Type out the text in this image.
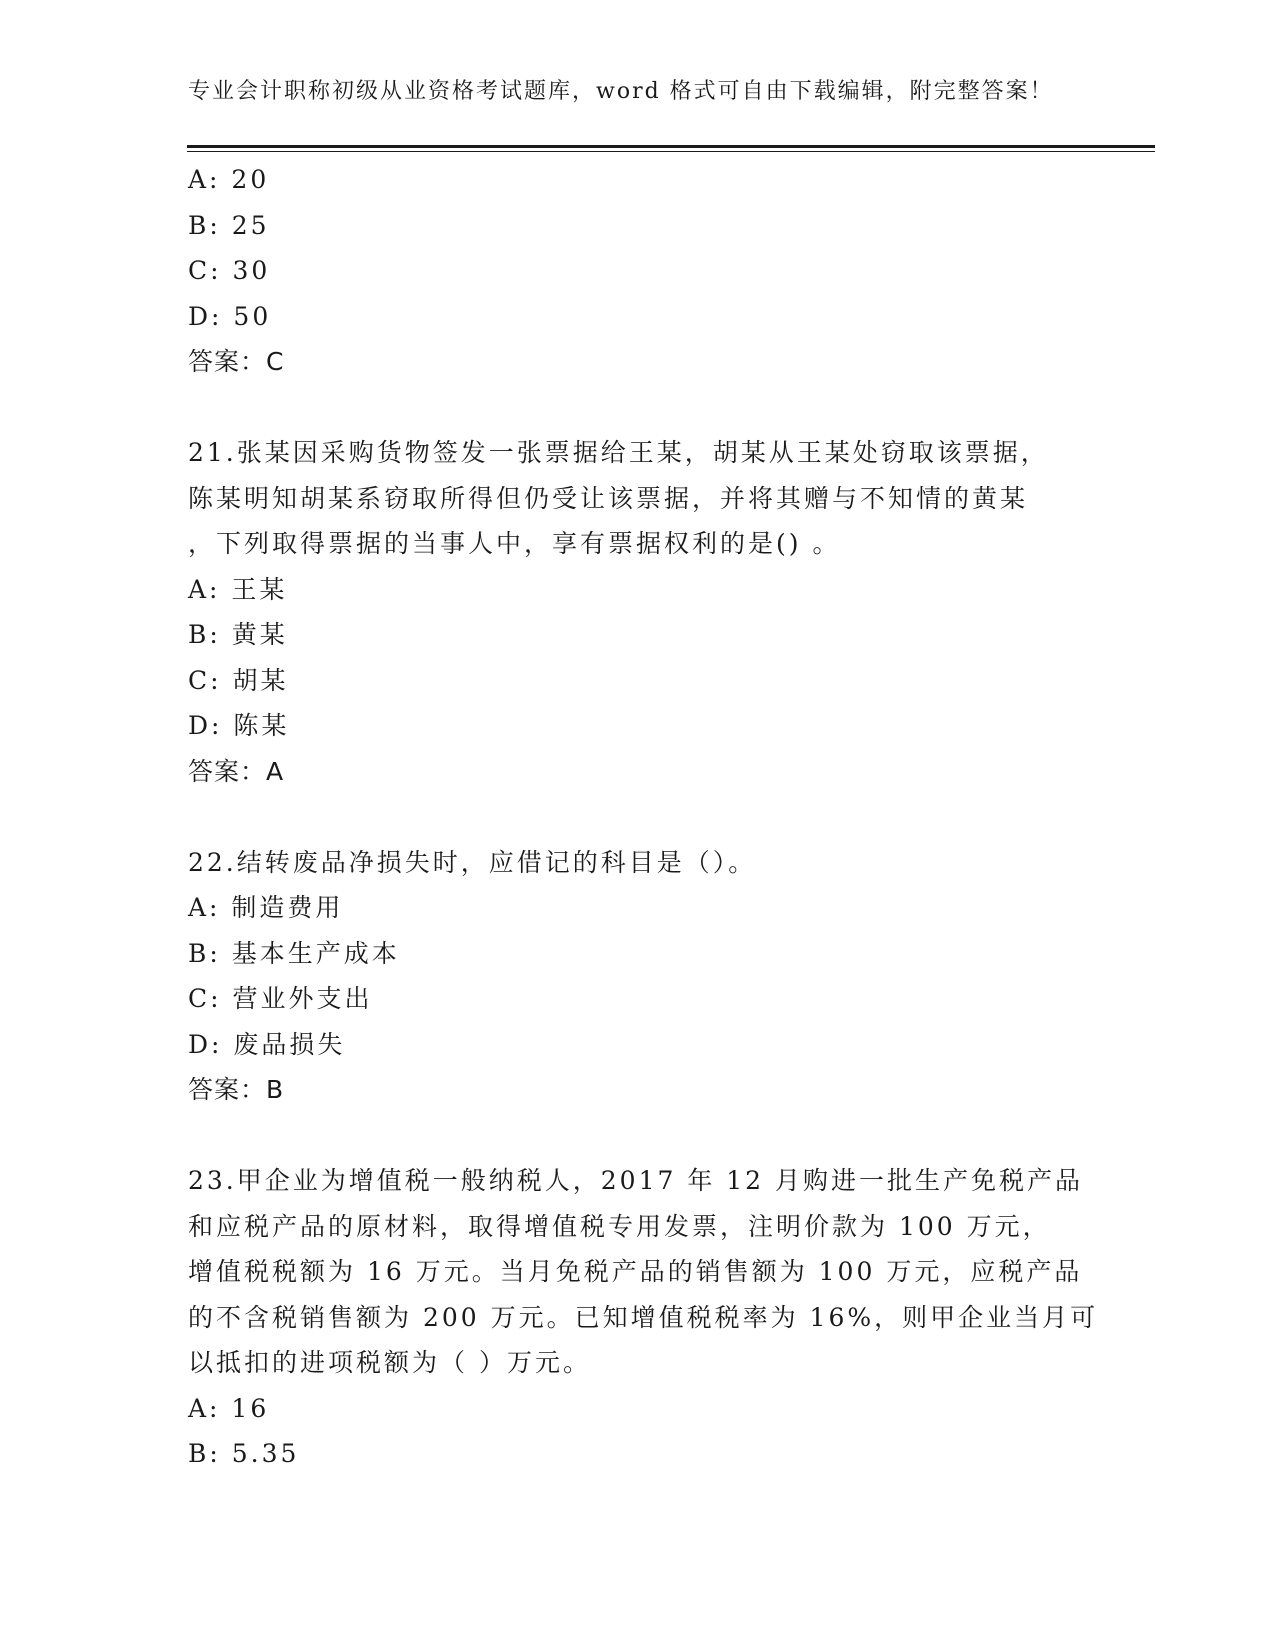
专业会计职称初级从业资格考试题库，word 格式可自由下载编辑，附完整答案！
A: 20
B: 25
C: 30
D: 50
答案：C
21.张某因采购货物签发一张票据给王某，胡某从王某处窃取该票据，
陈某明知胡某系窃取所得但仍受让该票据，并将其赠与不知情的黄某
，下列取得票据的当事人中，享有票据权利的是() 。
A: 王某
B: 黄某
C: 胡某
D: 陈某
答案：A
22.结转废品净损失时，应借记的科目是（）。
A: 制造费用
B: 基本生产成本
C: 营业外支出
D: 废品损失
答案：B
23.甲企业为增值税一般纳税人，2017 年 12 月购进一批生产免税产品
和应税产品的原材料，取得增值税专用发票，注明价款为 100 万元，
增值税税额为 16 万元。当月免税产品的销售额为 100 万元，应税产品
的不含税销售额为 200 万元。已知增值税税率为 16%，则甲企业当月可
以抵扣的进项税额为（ ）万元。
A: 16
B: 5.35
